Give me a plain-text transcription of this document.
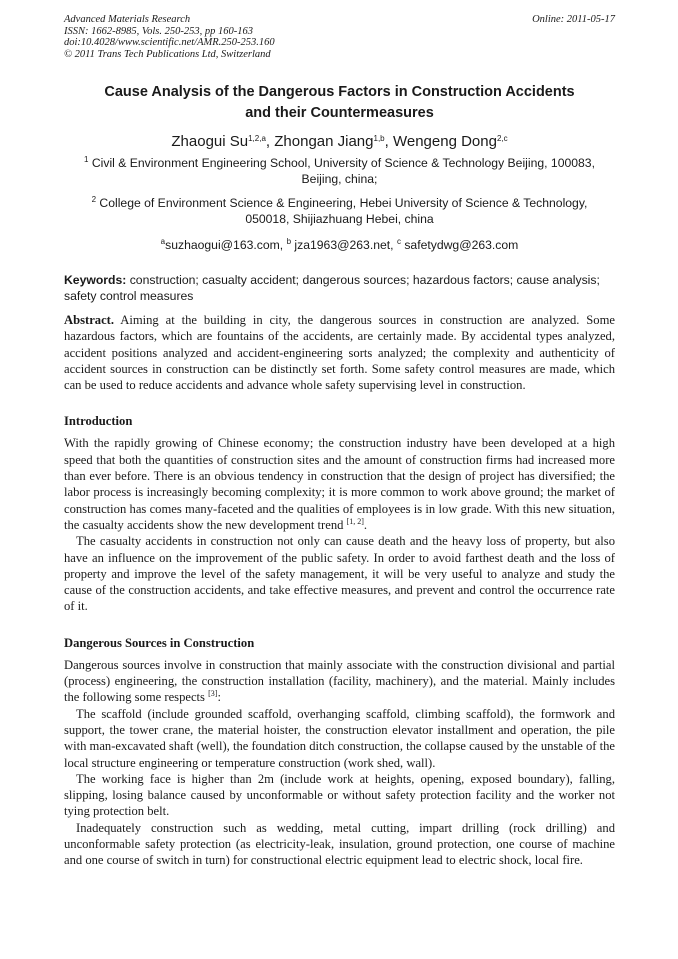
Advanced Materials Research
ISSN: 1662-8985, Vols. 250-253, pp 160-163
doi:10.4028/www.scientific.net/AMR.250-253.160
© 2011 Trans Tech Publications Ltd, Switzerland
Online: 2011-05-17
Cause Analysis of the Dangerous Factors in Construction Accidents
and their Countermeasures
Zhaogui Su$^{1,2,a}$, Zhongan Jiang$^{1,b}$, Wengeng Dong$^{2,c}$
$^1$ Civil & Environment Engineering School, University of Science & Technology Beijing, 100083,
Beijing, china;
$^2$ College of Environment Science & Engineering, Hebei University of Science & Technology,
050018, Shijiazhuang Hebei, china
$^a$suzhaogui@163.com, $^b$ jza1963@263.net, $^c$ safetydwg@263.com
Keywords: construction; casualty accident; dangerous sources; hazardous factors; cause analysis; safety control measures

Abstract. Aiming at the building in city, the dangerous sources in construction are analyzed. Some hazardous factors, which are fountains of the accidents, are certainly made. By accidental types analyzed, accident positions analyzed and accident-engineering sorts analyzed; the complexity and authenticity of accident sources in construction can be distinctly set forth. Some safety control measures are made, which can be used to reduce accidents and advance whole safety supervising level in construction.

Introduction

With the rapidly growing of Chinese economy; the construction industry have been developed at a high speed that both the quantities of construction sites and the amount of construction firms had increased more than ever before. There is an obvious tendency in construction that the design of project has diversified; the labor process is increasingly becoming complexity; it is more common to work above ground; the market of construction has comes many-faceted and the qualities of employees is in low grade. With this new situation, the casualty accidents show the new development trend [1, 2].

The casualty accidents in construction not only can cause death and the heavy loss of property, but also have an influence on the improvement of the public safety. In order to avoid farthest death and the loss of property and improve the level of the safety management, it will be very useful to analyze and study the cause of the construction accidents, and take effective measures, and prevent and control the occurrence rate of it.

Dangerous Sources in Construction

Dangerous sources involve in construction that mainly associate with the construction divisional and partial (process) engineering, the construction installation (facility, machinery), and the material. Mainly includes the following some respects [3]:

The scaffold (include grounded scaffold, overhanging scaffold, climbing scaffold), the formwork and support, the tower crane, the material hoister, the construction elevator installment and operation, the pile with man-excavated shaft (well), the foundation ditch construction, the collapse caused by the unstable of the local structure engineering or temperature construction (work shed, wall).

The working face is higher than 2m (include work at heights, opening, exposed boundary), falling, slipping, losing balance caused by unconformable or without safety protection facility and the worker not tying protection belt.

Inadequately construction such as wedding, metal cutting, impart drilling (rock drilling) and unconformable safety protection (as electricity-leak, insulation, ground protection, one course of machine and one course of switch in turn) for constructional electric equipment lead to electric shock, local fire.
